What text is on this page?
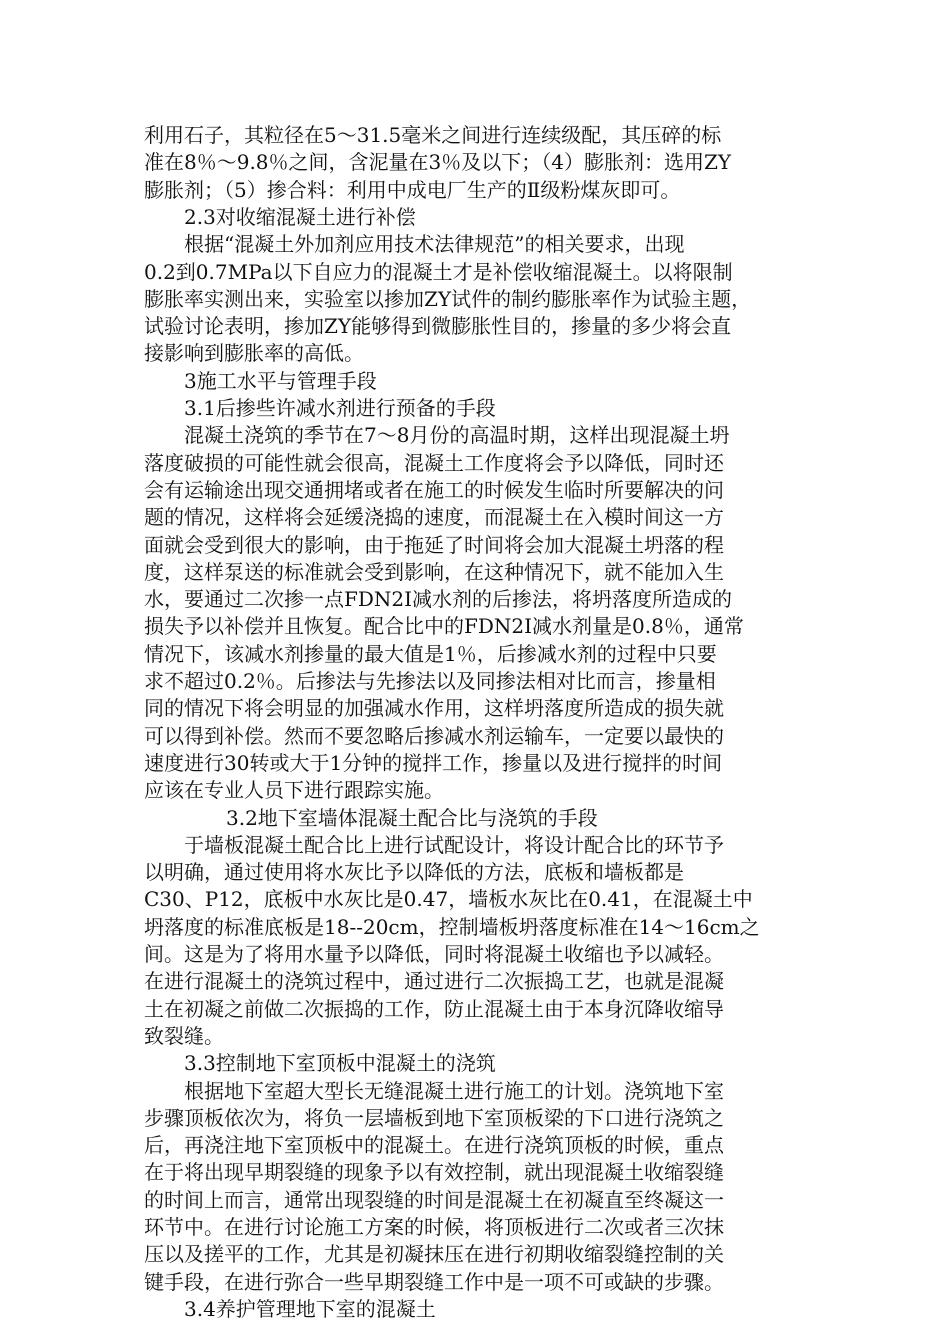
利用石子，其粒径在5～31.5毫米之间进行连续级配，其压碎的标
准在8％～9.8％之间，含泥量在3％及以下；（4）膨胀剂：选用ZY
膨胀剂；（5）掺合料：利用中成电厂生产的Ⅱ级粉煤灰即可。
2.3对收缩混凝土进行补偿
根据“混凝土外加剂应用技术法律规范”的相关要求，出现
0.2到0.7MPa以下自应力的混凝土才是补偿收缩混凝土。以将限制
膨胀率实测出来，实验室以掺加ZY试件的制约膨胀率作为试验主题，
试验讨论表明，掺加ZY能够得到微膨胀性目的，掺量的多少将会直
接影响到膨胀率的高低。
3施工水平与管理手段
3.1后掺些许减水剂进行预备的手段
混凝土浇筑的季节在7～8月份的高温时期，这样出现混凝土坍
落度破损的可能性就会很高，混凝土工作度将会予以降低，同时还
会有运输途出现交通拥堵或者在施工的时候发生临时所要解决的问
题的情况，这样将会延缓浇捣的速度，而混凝土在入模时间这一方
面就会受到很大的影响，由于拖延了时间将会加大混凝土坍落的程
度，这样泵送的标准就会受到影响，在这种情况下，就不能加入生
水，要通过二次掺一点FDN2I减水剂的后掺法，将坍落度所造成的
损失予以补偿并且恢复。配合比中的FDN2I减水剂量是0.8％，通常
情况下，该减水剂掺量的最大值是1％，后掺减水剂的过程中只要
求不超过0.2％。后掺法与先掺法以及同掺法相对比而言，掺量相
同的情况下将会明显的加强减水作用，这样坍落度所造成的损失就
可以得到补偿。然而不要忽略后掺减水剂运输车，一定要以最快的
速度进行30转或大于1分钟的搅拌工作，掺量以及进行搅拌的时间
应该在专业人员下进行跟踪实施。
3.2地下室墙体混凝土配合比与浇筑的手段
于墙板混凝土配合比上进行试配设计，将设计配合比的环节予
以明确，通过使用将水灰比予以降低的方法，底板和墙板都是
C30、P12，底板中水灰比是0.47，墙板水灰比在0.41，在混凝土中
坍落度的标准底板是18--20cm，控制墙板坍落度标准在14～16cm之
间。这是为了将用水量予以降低，同时将混凝土收缩也予以减轻。
在进行混凝土的浇筑过程中，通过进行二次振捣工艺，也就是混凝
土在初凝之前做二次振捣的工作，防止混凝土由于本身沉降收缩导
致裂缝。
3.3控制地下室顶板中混凝土的浇筑
根据地下室超大型长无缝混凝土进行施工的计划。浇筑地下室
步骤顶板依次为，将负一层墙板到地下室顶板梁的下口进行浇筑之
后，再浇注地下室顶板中的混凝土。在进行浇筑顶板的时候，重点
在于将出现早期裂缝的现象予以有效控制，就出现混凝土收缩裂缝
的时间上而言，通常出现裂缝的时间是混凝土在初凝直至终凝这一
环节中。在进行讨论施工方案的时候，将顶板进行二次或者三次抹
压以及搓平的工作，尤其是初凝抹压在进行初期收缩裂缝控制的关
键手段，在进行弥合一些早期裂缝工作中是一项不可或缺的步骤。
3.4养护管理地下室的混凝土
